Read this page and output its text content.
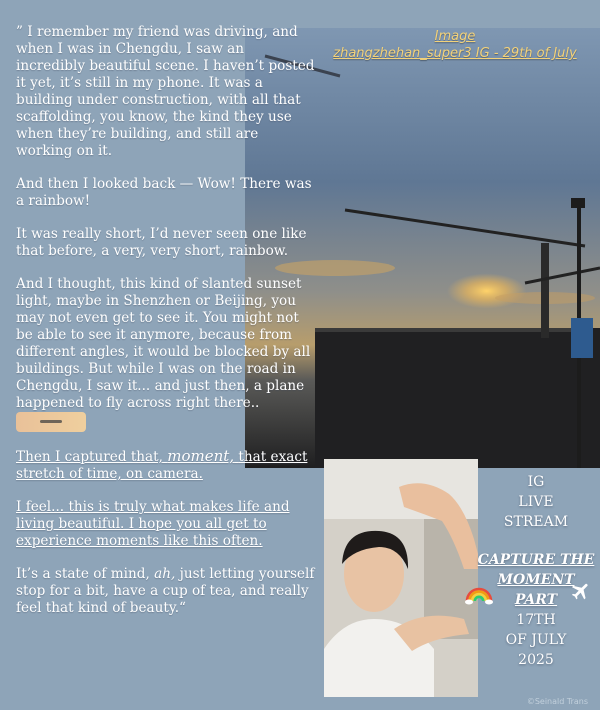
Image
zhangzhehan_super3 IG - 29th of July

” I remember my friend was driving, and when I was in Chengdu, I saw an incredibly beautiful scene. I haven’t posted it yet, it’s still in my phone. It was a building under construction, with all that scaffolding, you know, the kind they use when they’re building, and still are working on it.

And then I looked back — Wow! There was a rainbow!

It was really short, I’d never seen one like that before, a very, very short, rainbow.

And I thought, this kind of slanted sunset light, maybe in Shenzhen or Beijing, you may not even get to see it. You might not be able to see it anymore, because from different angles, it would be blocked by all buildings. But while I was on the road in Chengdu, I saw it... and just then, a plane happened to fly across right there..

Then I captured that, moment, that exact stretch of time, on camera.

I feel... this is truly what makes life and living beautiful. I hope you all get to experience moments like this often.

It’s a state of mind, ah, just letting yourself stop for a bit, have a cup of tea, and really feel that kind of beauty.“

IG
LIVE
STREAM
CAPTURE THE
MOMENT
PART
17TH
OF JULY
2025
©Seinald Trans
